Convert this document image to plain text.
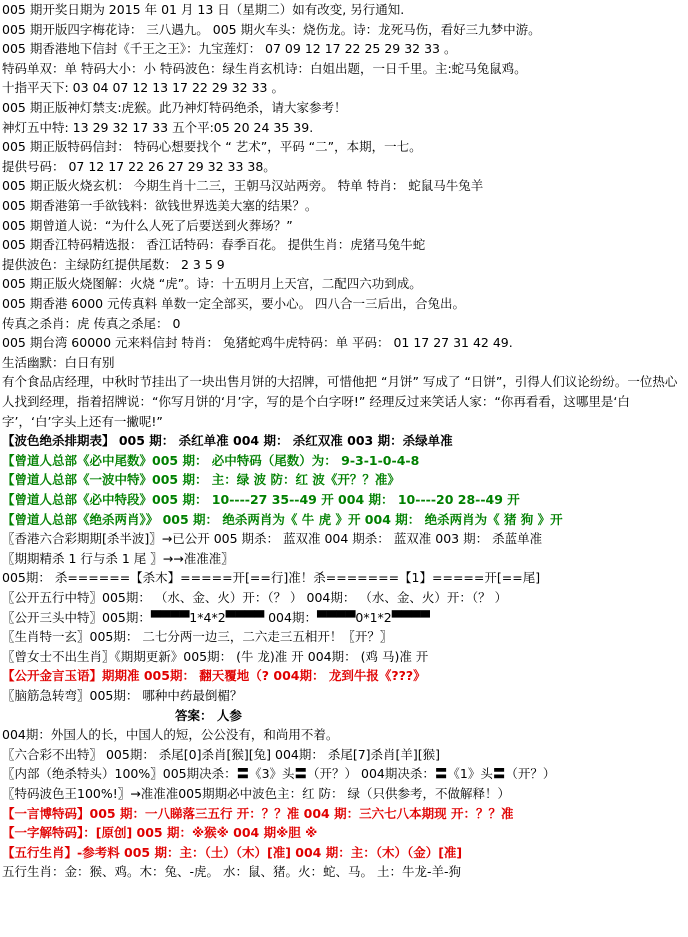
005 期开奖日期为 2015 年 01 月 13 日（星期二）如有改变, 另行通知.
005 期开版四字梅花诗： 三八遇九。 005 期火车头：烧伤龙。诗：龙死马伤，看好三九梦中游。
005 期香港地下信封《千王之王》：九宝莲灯： 07 09 12 17 22 25 29 32 33 。
特码单双：单 特码大小：小 特码波色：绿生肖玄机诗：白姐出题，一日千里。主:蛇马兔鼠鸡。
十指平天下: 03 04 07 12 13 17 22 29 32 33 。
005 期正版神灯禁支:虎猴。此乃神灯特码绝杀，请大家参考！
神灯五中特: 13 29 32 17 33 五个平:05 20 24 35 39.
005 期正版特码信封： 特码心想要找个 “ 艺术”，平码 “二”，本期，一七。
提供号码： 07 12 17 22 26 27 29 32 33 38。
005 期正版火烧玄机： 今期生肖十二三，王朝马汉站两旁。 特单 特肖： 蛇鼠马牛兔羊
005 期香港第一手欲钱料：欲钱世界选美大塞的结果？。
005 期曾道人说：“为什么人死了后要送到火葬场？”
005 期香江特码精选报： 香江话特码：春季百花。 提供生肖：虎猪马兔牛蛇
提供波色：主绿防红提供尾数： 2 3 5 9
005 期正版火烧图解：火烧 “虎”。诗：十五明月上天宫，二配四六功到成。
005 期香港 6000 元传真料 单数一定全部买，要小心。 四八合一三后出，合兔出。
传真之杀肖：虎 传真之杀尾： 0
005 期台湾 60000 元来料信封 特肖： 兔猪蛇鸡牛虎特码：单 平码： 01 17 27 31 42 49.
生活幽默：白日有别
有个食品店经理，中秋时节挂出了一块出售月饼的大招牌，可惜他把 “月饼” 写成了 “日饼”，引得人们议论纷纷。一位热心人找到经理，指着招牌说：“你写月饼的‘月’字，写的是个白字呀!” 经理反过来笑话人家：“你再看看，这哪里是‘白字’，‘白’字头上还有一撇呢!”
【波色绝杀排期表】 005 期： 杀红单准 004 期： 杀红双准 003 期：杀绿单准
【曾道人总部《必中尾数》005 期： 必中特码（尾数）为： 9-3-1-0-4-8
【曾道人总部《一波中特》005 期： 主：绿 波 防：红 波《开？？准》
【曾道人总部《必中特段》005 期： 10----27 35--49 开 004 期： 10----20 28--49 开
【曾道人总部《绝杀两肖》》 005 期： 绝杀两肖为《 牛 虎 》开 004 期： 绝杀两肖为《 猪 狗 》开
〖香港六合彩期期[杀半波]〗→已公开 005 期杀： 蓝双准 004 期杀： 蓝双准 003 期： 杀蓝单准
〖期期精杀 1 行与杀 1 尾 〗→→准准准〗
005期： 杀======【杀木】=====开[==行]准！杀=======【1】=====开[==尾]
〖公开五行中特〗005期： （水、金、火）开：（？ ） 004期： （水、金、火）开：（？ ）
〖公开三头中特〗005期：▀▀▀▀1*4*2▀▀▀▀ 004期：▀▀▀▀0*1*2▀▀▀▀
〖生肖特一玄〗005期： 二七分两一边三，二六走三五相开！〖开？〗
〖曾女士不出生肖〗《期期更新》005期： (牛 龙)准 开 004期： (鸡 马)准 开
【公开金言玉语】期期准 005期： 翻天覆地（? 004期： 龙到牛报《???》
〖脑筋急转弯〗005期： 哪种中药最倒楣？
答案： 人参
004期：外国人的长，中国人的短，公公没有，和尚用不着。
〖六合彩不出特〗 005期： 杀尾[0]杀肖[猴][兔] 004期： 杀尾[7]杀肖[羊][猴]
〖内部（绝杀特头）100%〗005期决杀：〓《3》头〓（开？） 004期决杀：〓《1》头〓（开？）
〖特码波色王100%!〗→准准准005期期必中波色主：红 防： 绿（只供参考，不做解释！）
【一言博特码】005 期：一八睇落三五行 开：？？准 004 期：三六七八本期现 开：？？准
【一字解特码】：[原创] 005 期：※猴※ 004 期※胆 ※
【五行生肖】-参考料 005 期：主：（土）（木）[准] 004 期：主：（木）（金）[准]
五行生肖：金：猴、鸡。木：兔、-虎。 水：鼠、猪。火：蛇、马。 土：牛龙-羊-狗
